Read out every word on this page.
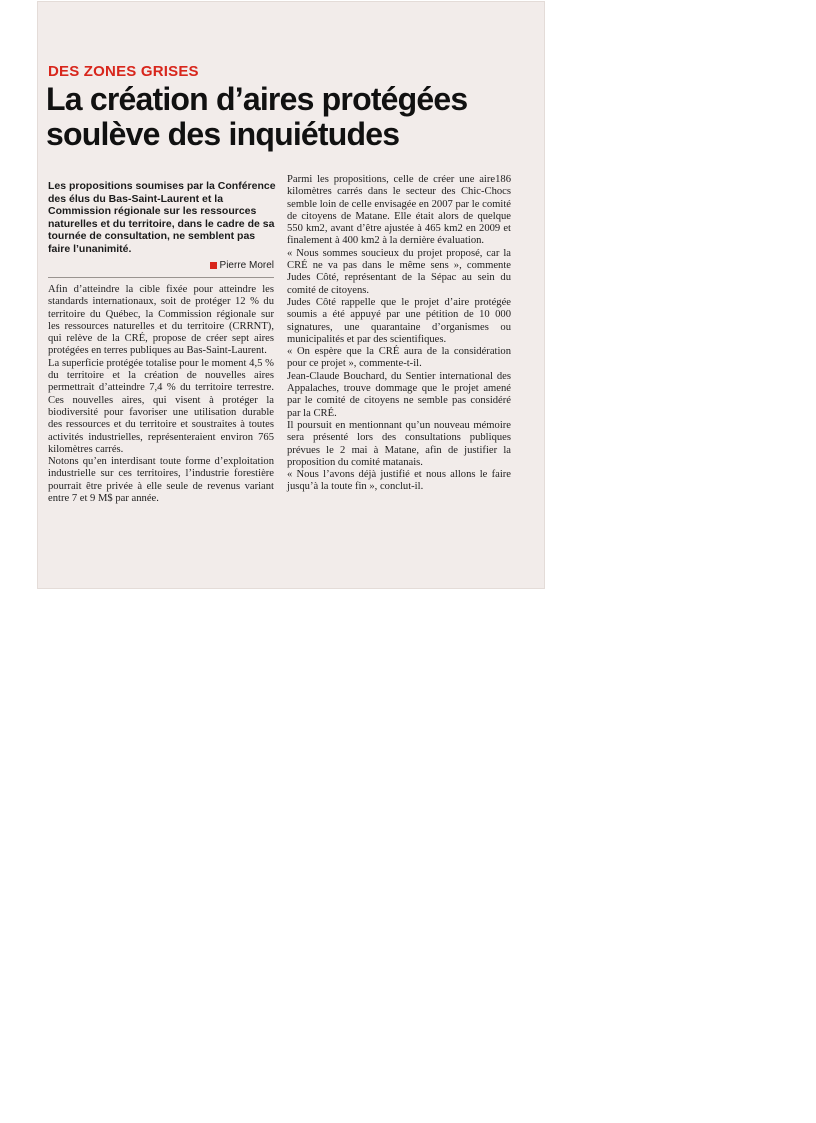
DES ZONES GRISES
La création d’aires protégées soulève des inquiétudes

Les propositions soumises par la Conférence des élus du Bas-Saint-Laurent et la Commission régionale sur les ressources naturelles et du territoire, dans le cadre de sa tournée de consultation, ne semblent pas faire l’unanimité.

Pierre Morel

Afin d’atteindre la cible fixée pour atteindre les standards internationaux, soit de protéger 12 % du territoire du Québec, la Commission régionale sur les ressources naturelles et du territoire (CRRNT), qui relève de la CRÉ, propose de créer sept aires protégées en terres publiques au Bas-Saint-Laurent.

La superficie protégée totalise pour le moment 4,5 % du territoire et la création de nouvelles aires permettrait d’atteindre 7,4 % du territoire terrestre. Ces nouvelles aires, qui visent à protéger la biodiversité pour favoriser une utilisation durable des ressources et du territoire et soustraites à toutes activités industrielles, représenteraient environ 765 kilomètres carrés.

Notons qu’en interdisant toute forme d’exploitation industrielle sur ces territoires, l’industrie forestière pourrait être privée à elle seule de revenus variant entre 7 et 9 M$ par année.

Parmi les propositions, celle de créer une aire186 kilomètres carrés dans le secteur des Chic-Chocs semble loin de celle envisagée en 2007 par le comité de citoyens de Matane. Elle était alors de quelque 550 km2, avant d’être ajustée à 465 km2 en 2009 et finalement à 400 km2 à la dernière évaluation.

« Nous sommes soucieux du projet proposé, car la CRÉ ne va pas dans le même sens », commente Judes Côté, représentant de la Sépac au sein du comité de citoyens.

Judes Côté rappelle que le projet d’aire protégée soumis a été appuyé par une pétition de 10 000 signatures, une quarantaine d’organismes ou municipalités et par des scientifiques.

« On espère que la CRÉ aura de la considération pour ce projet », commente-t-il.

Jean-Claude Bouchard, du Sentier international des Appalaches, trouve dommage que le projet amené par le comité de citoyens ne semble pas considéré par la CRÉ.

Il poursuit en mentionnant qu’un nouveau mémoire sera présenté lors des consultations publiques prévues le 2 mai à Matane, afin de justifier la proposition du comité matanais.

« Nous l’avons déjà justifié et nous allons le faire jusqu’à la toute fin », conclut-il.
